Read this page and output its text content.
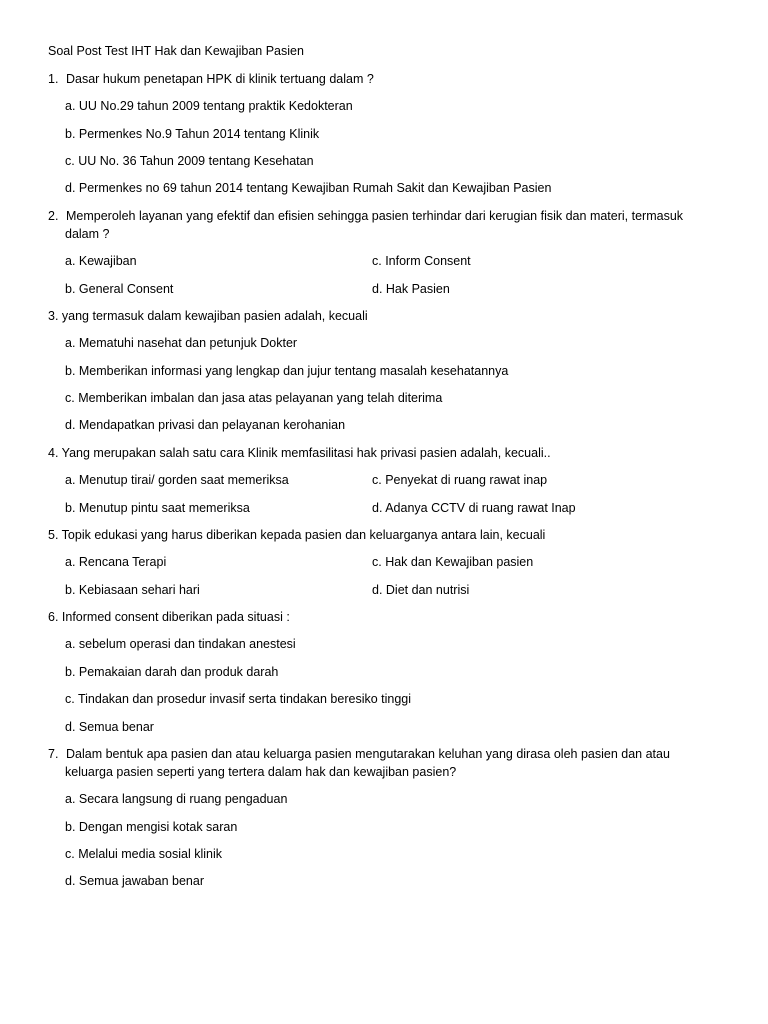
Soal Post Test IHT Hak dan Kewajiban Pasien
1. Dasar hukum penetapan HPK di klinik tertuang dalam ?
a. UU No.29 tahun 2009 tentang praktik Kedokteran
b. Permenkes No.9 Tahun 2014 tentang Klinik
c. UU No. 36 Tahun 2009 tentang Kesehatan
d. Permenkes no 69 tahun 2014 tentang Kewajiban Rumah Sakit dan Kewajiban Pasien
2. Memperoleh layanan yang efektif dan efisien sehingga pasien terhindar dari kerugian fisik dan materi, termasuk
dalam ?
a. Kewajiban	c. Inform Consent
b. General Consent	d. Hak Pasien
3. yang termasuk dalam kewajiban pasien adalah, kecuali
a. Mematuhi nasehat dan petunjuk Dokter
b. Memberikan informasi yang lengkap dan jujur tentang masalah kesehatannya
c. Memberikan imbalan dan jasa atas pelayanan yang telah diterima
d. Mendapatkan privasi dan pelayanan kerohanian
4. Yang merupakan salah satu cara Klinik memfasilitasi hak privasi pasien adalah, kecuali..
a. Menutup tirai/ gorden saat memeriksa	c. Penyekat di ruang rawat inap
b. Menutup pintu saat memeriksa	d. Adanya CCTV di ruang rawat Inap
5. Topik edukasi yang harus diberikan kepada pasien dan keluarganya antara lain, kecuali
a. Rencana Terapi	c. Hak dan Kewajiban pasien
b. Kebiasaan sehari hari	d. Diet dan nutrisi
6. Informed consent diberikan pada situasi :
a. sebelum operasi dan tindakan anestesi
b. Pemakaian darah dan produk darah
c. Tindakan dan prosedur invasif serta tindakan beresiko tinggi
d. Semua benar
7. Dalam bentuk apa pasien dan atau keluarga pasien mengutarakan keluhan yang dirasa oleh pasien dan atau
keluarga pasien seperti yang tertera dalam hak dan kewajiban pasien?
a. Secara langsung di ruang pengaduan
b. Dengan mengisi kotak saran
c. Melalui media sosial klinik
d. Semua jawaban benar
